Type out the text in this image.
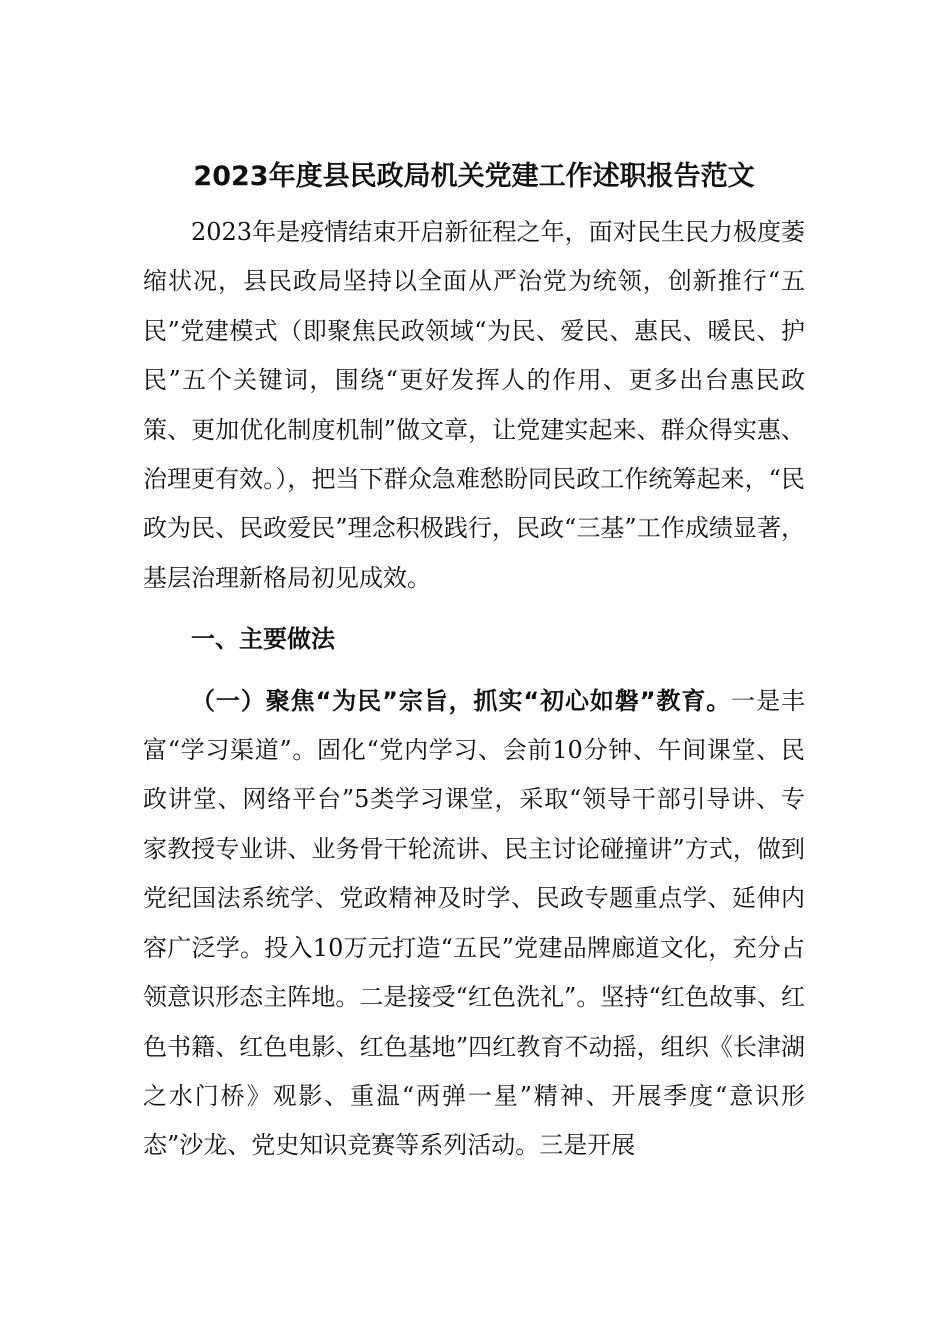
2023年度县民政局机关党建工作述职报告范文

2023年是疫情结束开启新征程之年，面对民生民力极度萎缩状况，县民政局坚持以全面从严治党为统领，创新推行“五民”党建模式（即聚焦民政领域“为民、爱民、惠民、暖民、护民”五个关键词，围绕“更好发挥人的作用、更多出台惠民政策、更加优化制度机制”做文章，让党建实起来、群众得实惠、治理更有效。），把当下群众急难愁盼同民政工作统筹起来，“民政为民、民政爱民”理念积极践行，民政“三基”工作成绩显著，基层治理新格局初见成效。

一、主要做法

（一）聚焦“为民”宗旨，抓实“初心如磐”教育。一是丰富“学习渠道”。固化“党内学习、会前10分钟、午间课堂、民政讲堂、网络平台”5类学习课堂，采取“领导干部引导讲、专家教授专业讲、业务骨干轮流讲、民主讨论碰撞讲”方式，做到党纪国法系统学、党政精神及时学、民政专题重点学、延伸内容广泛学。投入10万元打造“五民”党建品牌廊道文化，充分占领意识形态主阵地。二是接受“红色洗礼”。坚持“红色故事、红色书籍、红色电影、红色基地”四红教育不动摇，组织《长津湖之水门桥》观影、重温“两弹一星”精神、开展季度“意识形态”沙龙、党史知识竞赛等系列活动。三是开展
